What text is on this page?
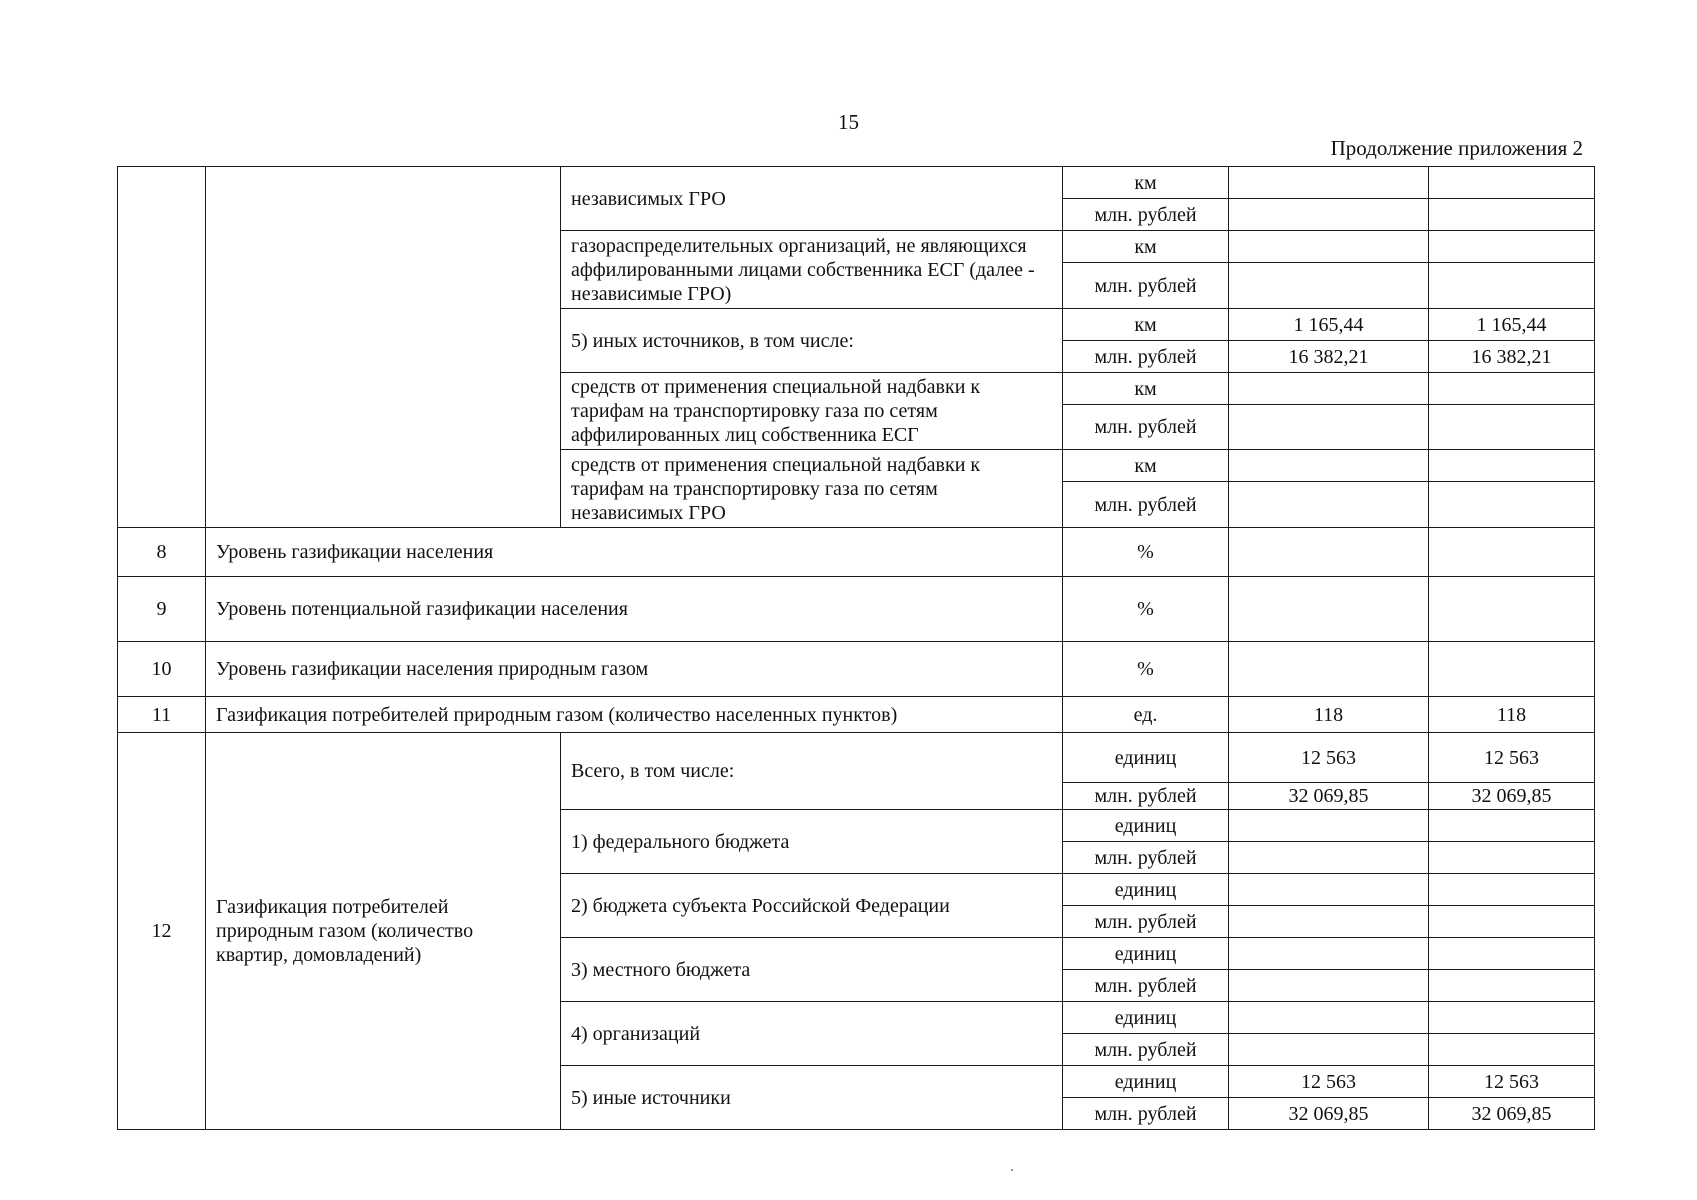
15
Продолжение приложения 2
		независимых ГРО	км		
			млн. рублей		
		газораспределительных организаций, не являющихся аффилированными лицами собственника ЕСГ (далее - независимые ГРО)	км		
			млн. рублей		
		5) иных источников, в том числе:	км	1 165,44	1 165,44
			млн. рублей	16 382,21	16 382,21
		средств от применения специальной надбавки к тарифам на транспортировку газа по сетям аффилированных лиц собственника ЕСГ	км		
			млн. рублей		
		средств от применения специальной надбавки к тарифам на транспортировку газа по сетям независимых ГРО	км		
			млн. рублей		
8	Уровень газификации населения		%		
9	Уровень потенциальной газификации населения		%		
10	Уровень газификации населения природным газом		%		
11	Газификация потребителей природным газом (количество населенных пунктов)		ед.	118	118
12	Газификация потребителей природным газом (количество квартир, домовладений)	Всего, в том числе:	единиц	12 563	12 563
			млн. рублей	32 069,85	32 069,85
		1) федерального бюджета	единиц		
			млн. рублей		
		2) бюджета субъекта Российской Федерации	единиц		
			млн. рублей		
		3) местного бюджета	единиц		
			млн. рублей		
		4) организаций	единиц		
			млн. рублей		
		5) иные источники	единиц	12 563	12 563
			млн. рублей	32 069,85	32 069,85
